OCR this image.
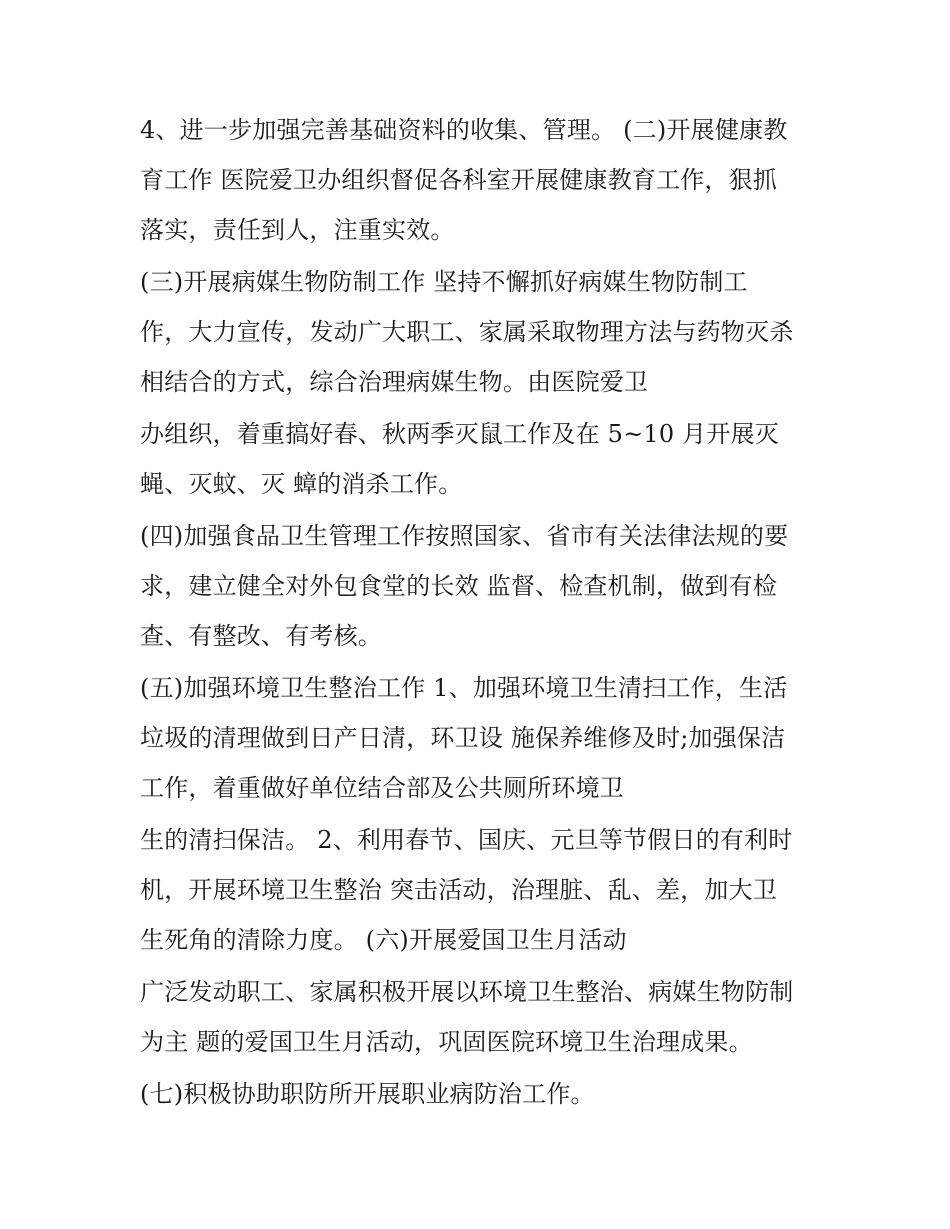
4、进一步加强完善基础资料的收集、管理。 (二)开展健康教
育工作 医院爱卫办组织督促各科室开展健康教育工作，狠抓
落实，责任到人，注重实效。
(三)开展病媒生物防制工作 坚持不懈抓好病媒生物防制工
作，大力宣传，发动广大职工、家属采取物理方法与药物灭杀
相结合的方式，综合治理病媒生物。由医院爱卫
办组织，着重搞好春、秋两季灭鼠工作及在 5~10 月开展灭
蝇、灭蚊、灭 蟑的消杀工作。
(四)加强食品卫生管理工作按照国家、省市有关法律法规的要
求，建立健全对外包食堂的长效 监督、检查机制，做到有检
查、有整改、有考核。
(五)加强环境卫生整治工作 1、加强环境卫生清扫工作，生活
垃圾的清理做到日产日清，环卫设 施保养维修及时;加强保洁
工作，着重做好单位结合部及公共厕所环境卫
生的清扫保洁。 2、利用春节、国庆、元旦等节假日的有利时
机，开展环境卫生整治 突击活动，治理脏、乱、差，加大卫
生死角的清除力度。 (六)开展爱国卫生月活动
广泛发动职工、家属积极开展以环境卫生整治、病媒生物防制
为主 题的爱国卫生月活动，巩固医院环境卫生治理成果。
(七)积极协助职防所开展职业病防治工作。
